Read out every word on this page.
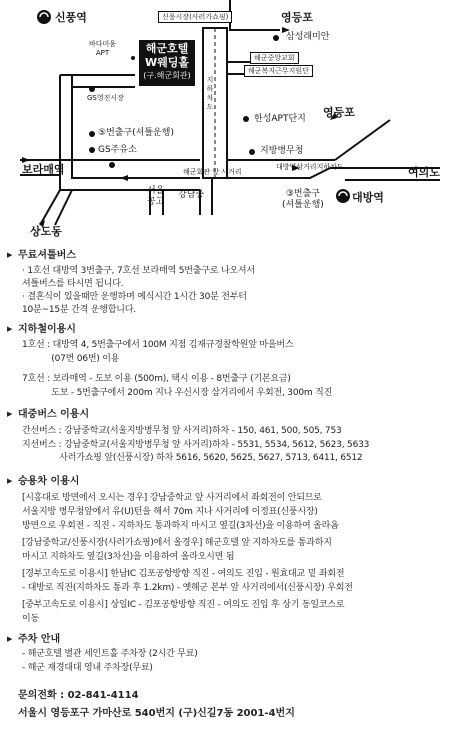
신풍역	신풍시장(사러가쇼핑)	영등포
삼성래미안
바다미움
APT	해군호텔
W웨딩홀
(구.해군회관)
해군중앙교회
해군복지근무지원단
지하차도
GS영진시장
영등포
한성APT단지
⑤번출구(셔틀운행)
GS주유소	지방병무청
보라매역	대방역삼거리지하차도	여의도
해군회관 앞 사거리
서울
공고
강남중	③번출구
(셔틀운행)
대방역
상도동
▶ 무료셔틀버스
· 1호선 대방역 3번출구, 7호선 보라매역 5번출구로 나오셔서
셔틀버스를 타시면 됩니다.
· 결혼식이 있을때만 운행하며 예식시간 1시간 30분 전부터
10분~15분 간격 운행합니다.
▶ 지하철이용시
1호선 : 대방역 4, 5번출구에서 100M 지점 김재규경찰학원앞 마을버스
(07번 06번) 이용
7호선 : 보라매역 - 도보 이용 (500m), 택시 이용 - 8번출구 (기본요금)
도보 - 5번출구에서 200m 지나 우신시장 삼거리에서 우회전, 300m 직진
▶ 대중버스 이용시
간선버스 : 강남중학교(서울지방병무청 앞 사거리)하차 - 150, 461, 500, 505, 753
지선버스 : 강남중학교(서울지방병무청 앞 사거리)하차 - 5531, 5534, 5612, 5623, 5633
사러가쇼핑 앞(신풍시장) 하차 5616, 5620, 5625, 5627, 5713, 6411, 6512
▶ 승용차 이용시
[시흥대로 방면에서 오시는 경우] 강남중학교 앞 사거리에서 좌회전이 안되므로
서울지방 병무청앞에서 유(U)턴을 해서 70m 지나 사거리에 이정표(신풍시장)
방면으로 우회전 - 직진 - 지하차도 통과하지 마시고 옆길(3차선)을 이용하여 올라옴
[강남중학교/신풍시장(사러가쇼핑)에서 올경우] 해군호텔 앞 지하차도를 통과하지
마시고 지하차도 옆길(3차선)을 이용하여 올라오시면 됨
[경부고속도로 이용시] 한남IC 김포공항방향 직진 - 여의도 진입 - 원효대교 밑 좌회전
- 대방로 직진(지하차도 통과 후 1.2km) - 옛해군 본부 앞 사거리에서(신풍시장) 우회전
[중부고속도로 이용시] 상일IC - 김포공항방향 직진 - 여의도 진입 후 상기 동일코스로
이동
▶ 주차 안내
- 해군호텔 별관 세인트홀 주차장 (2시간 무료)
- 해군 재경대대 영내 주차장(무료)
문의전화 : 02-841-4114
서울시 영등포구 가마산로 540번지 (구)신길7동 2001-4번지
